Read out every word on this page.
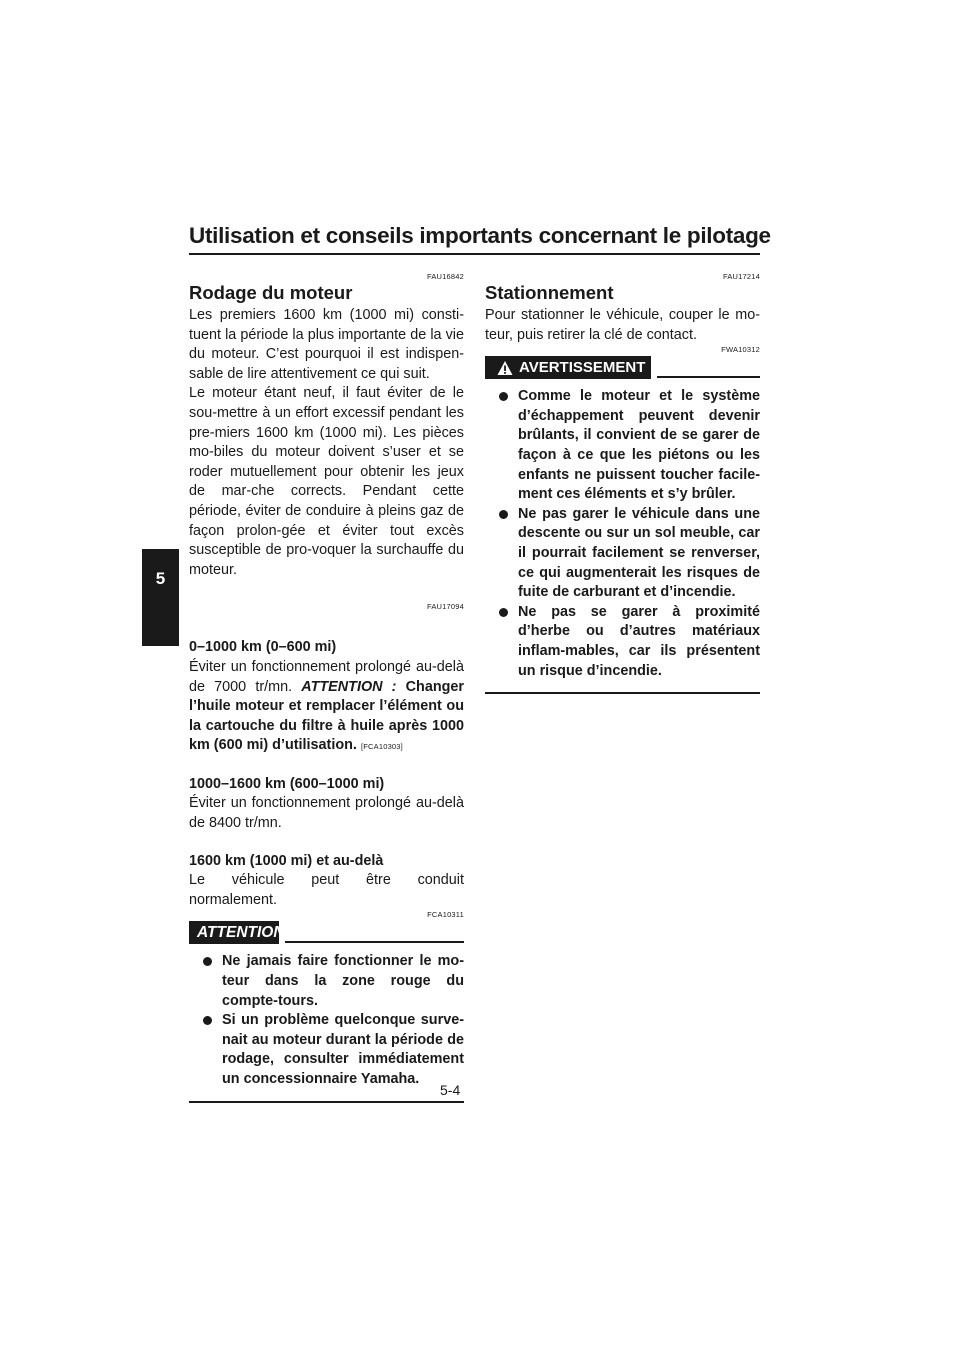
Utilisation et conseils importants concernant le pilotage
5
FAU16842
Rodage du moteur

Les premiers 1600 km (1000 mi) consti-tuent la période la plus importante de la vie du moteur. C’est pourquoi il est indispen-sable de lire attentivement ce qui suit.

Le moteur étant neuf, il faut éviter de le sou-mettre à un effort excessif pendant les pre-miers 1600 km (1000 mi). Les pièces mo-biles du moteur doivent s’user et se roder mutuellement pour obtenir les jeux de mar-che corrects. Pendant cette période, éviter de conduire à pleins gaz de façon prolon-gée et éviter tout excès susceptible de pro-voquer la surchauffe du moteur.

FAU17094
0–1000 km (0–600 mi)

Éviter un fonctionnement prolongé au-delà de 7000 tr/mn. ATTENTION : Changer l’huile moteur et remplacer l’élément ou la cartouche du filtre à huile après 1000 km (600 mi) d’utilisation. [FCA10303]

1000–1600 km (600–1000 mi)

Éviter un fonctionnement prolongé au-delà de 8400 tr/mn.

1600 km (1000 mi) et au-delà

Le véhicule peut être conduit normalement.

FCA10311
ATTENTION
Ne jamais faire fonctionner le mo-teur dans la zone rouge du compte-tours.
Si un problème quelconque surve-nait au moteur durant la période de rodage, consulter immédiatement un concessionnaire Yamaha.
FAU17214
Stationnement

Pour stationner le véhicule, couper le mo-teur, puis retirer la clé de contact.

FWA10312
AVERTISSEMENT
Comme le moteur et le système d’échappement peuvent devenir brûlants, il convient de se garer de façon à ce que les piétons ou les enfants ne puissent toucher facile-ment ces éléments et s’y brûler.
Ne pas garer le véhicule dans une descente ou sur un sol meuble, car il pourrait facilement se renverser, ce qui augmenterait les risques de fuite de carburant et d’incendie.
Ne pas se garer à proximité d’herbe ou d’autres matériaux inflam-mables, car ils présentent un risque d’incendie.
5-4
